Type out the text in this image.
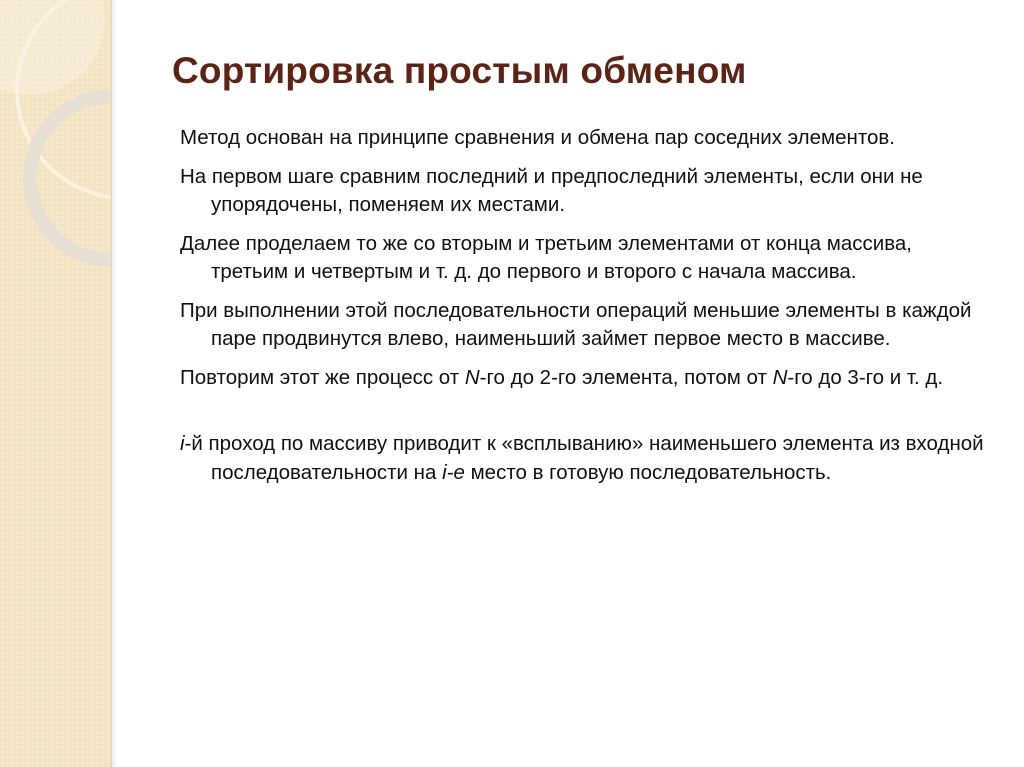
Сортировка простым обменом
Метод основан на принципе сравнения и обмена пар соседних элементов.
На первом шаге сравним последний и предпоследний элементы, если они не упорядочены, поменяем их местами.
Далее проделаем то же со вторым и третьим элементами от конца массива, третьим и четвертым и т. д. до первого и второго с начала массива.
При выполнении этой последовательности операций меньшие элементы в каждой паре продвинутся влево, наименьший займет первое место в массиве.
Повторим этот же процесс от N-го до 2-го элемента, потом от N-го до 3-го и т. д.
i-й проход по массиву приводит к «всплыванию» наименьшего элемента из входной последовательности на i-е место в готовую последовательность.
